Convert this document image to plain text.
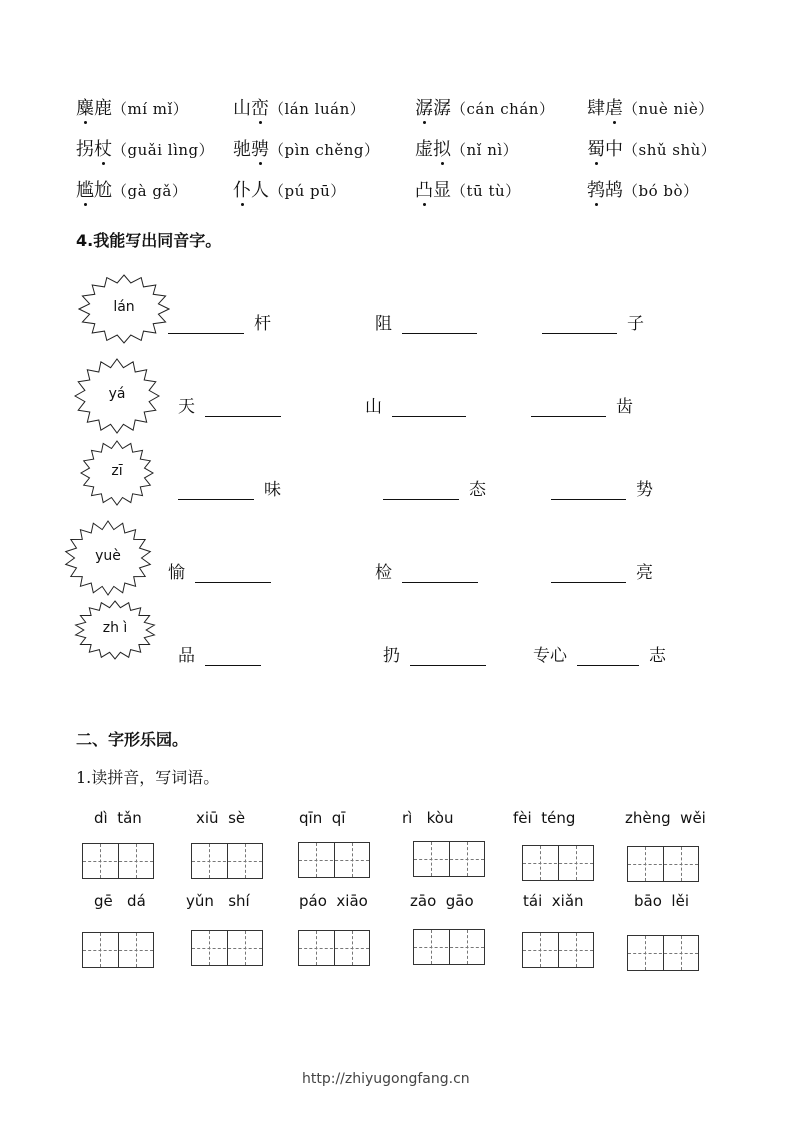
麋鹿（mí mǐ） 山峦（lán luán）	潺潺（cán chán） 肆虐（nuè niè）
拐杖（guǎi lìng） 驰骋（pìn chěng） 虚拟（nǐ nì）	蜀中（shǔ shù）
尴尬（gà gǎ）	仆人（pú pū）	凸显（tū tù）	鹁鸪（bó bò）
4.我能写出同音字。
lán
杆	阻	子
yá
天	山	齿
zī
味	态	势
yuè
愉	检	亮
zh ì
品	扔	专心	志
二、字形乐园。
1.读拼音，写词语。
dì  tǎn	xiū  sè	qīn  qī	rì   kòu	fèi  téng	zhèng  wěi
gē   dá	yǔn   shí	páo  xiāo	zāo  gāo	tái  xiǎn	bāo  lěi
http://zhiyugongfang.cn
